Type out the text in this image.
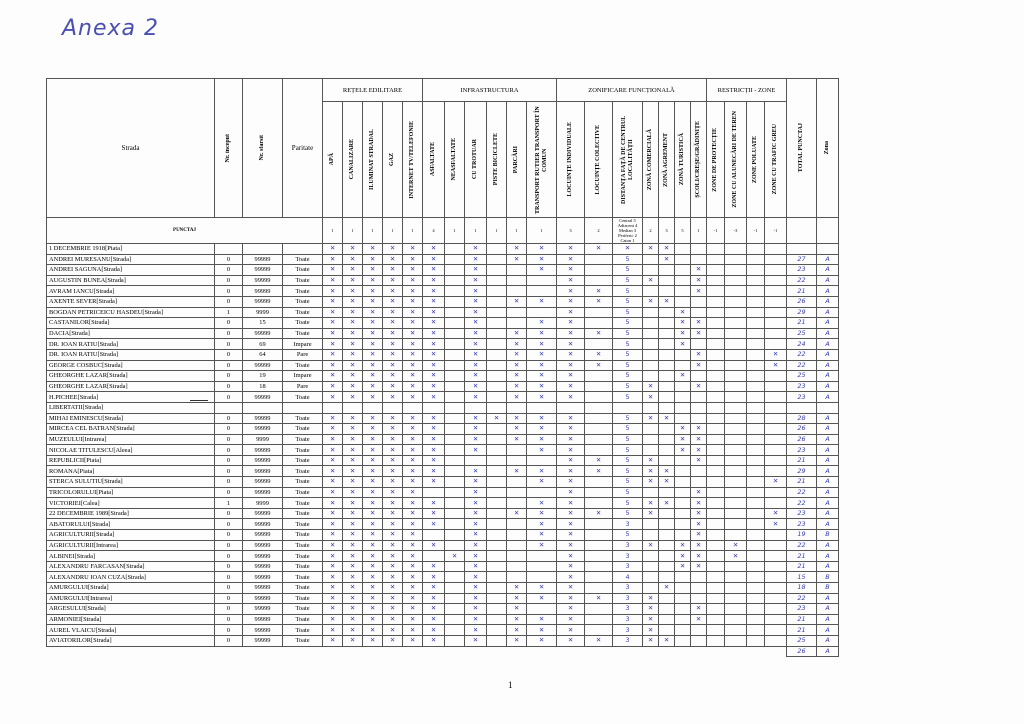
Anexa 2
Strada	Nr. început	Nr. sfarsit	Paritate	REȚELE EDILITARE					INFRASTRUCTURA						ZONIFICARE FUNCȚIONALĂ							RESTRICȚII - ZONE				TOTAL PUNCTAJ	Zona

				APĂ	CANALIZARE	ILUMINAT STRADAL	GAZ	INTERNET TV/TELEFONIE	ASFALTATE	NEASFALTATE	CU TROTUAR	PISTE BICICLETE	PARCĂRI	TRANSPORT RUTIER TRANSPORT ÎN COMUN	LOCUINȚE INDIVIDUALE	LOCUINȚE COLECTIVE	DISTANȚA FAȚĂ DE CENTRUL LOCALITĂȚII	ZONĂ COMERCIALĂ	ZONĂ AGREMENT	ZONĂ TURISTICĂ	ȘCOLI/CREȘE/GRĂDINIȚE	ZONE DE PROTECȚIE	ZONE CU ALUNECĂRI DE TEREN	ZONE POLUATE	ZONE CU TRAFIC GREU		

PUNCTAJ				1	1	1	1	1	4	1	1	1	1	1	3	2	Central 5 Adiacent 4 Median 3 Periferic 2 Caton 1	2	3	5	1	-1	-3	-1	-1		
1 DECEMBRIE 1918[Piata]				✕	✕	✕	✕	✕	✕		✕		✕	✕	✕	✕	✕	✕	✕								
ANDREI MURESANU[Strada]	0	99999	Toate	✕	✕	✕	✕	✕	✕		✕		✕	✕	✕		5		✕							27	A
ANDREI SAGUNA[Strada]	0	99999	Toate	✕	✕	✕	✕	✕	✕		✕			✕	✕		5				✕					23	A
AUGUSTIN BUNEA[Strada]	0	99999	Toate	✕	✕	✕	✕	✕	✕		✕				✕		5	✕			✕					22	A
AVRAM IANCU[Strada]	0	99999	Toate	✕	✕	✕	✕	✕	✕		✕				✕	✕	5				✕					21	A
AXENTE SEVER[Strada]	0	99999	Toate	✕	✕	✕	✕	✕	✕		✕		✕	✕	✕	✕	5	✕	✕							26	A
BOGDAN PETRICEICU HASDEU[Strada]	1	9999	Toate	✕	✕	✕	✕	✕	✕		✕				✕		5			✕						29	A
CASTANILOR[Strada]	0	15	Toate	✕	✕	✕	✕	✕	✕		✕			✕	✕		5			✕	✕					21	A
DACIA[Strada]	0	99999	Toate	✕	✕	✕	✕	✕	✕		✕		✕	✕	✕	✕	5			✕	✕					25	A
DR. IOAN RATIU[Strada]	0	69	Impare	✕	✕	✕	✕	✕	✕		✕		✕	✕	✕		5			✕						24	A
DR. IOAN RATIU[Strada]	0	64	Pare	✕	✕	✕	✕	✕	✕		✕		✕	✕	✕	✕	5				✕				✕	22	A
GEORGE COSBUC[Strada]	0	99999	Toate	✕	✕	✕	✕	✕	✕		✕		✕	✕	✕	✕	5				✕				✕	22	A
GHEORGHE LAZAR[Strada]	0	19	Impare	✕	✕	✕	✕	✕	✕		✕		✕	✕	✕		5			✕						25	A
GHEORGHE LAZAR[Strada]	0	18	Pare	✕	✕	✕	✕	✕	✕		✕		✕	✕	✕		5	✕			✕					23	A
H.PICHEE[Strada]	0	99999	Toate	✕	✕	✕	✕	✕	✕		✕		✕	✕	✕		5	✕								23	A
LIBERTATII[Strada]																											
MIHAI EMINESCU[Strada]	0	99999	Toate	✕	✕	✕	✕	✕	✕		✕	✕	✕	✕	✕		5	✕	✕							28	A
MIRCEA CEL BATRAN[Strada]	0	99999	Toate	✕	✕	✕	✕	✕	✕		✕		✕	✕	✕		5			✕	✕					26	A
MUZEULUI[Intrarea]	0	9999	Toate	✕	✕	✕	✕	✕	✕		✕		✕	✕	✕		5			✕	✕					26	A
NICOLAE TITULESCU[Aleea]	0	99999	Toate	✕	✕	✕	✕	✕	✕		✕			✕	✕		5			✕	✕					23	A
REPUBLICII[Piata]	0	99999	Toate	✕	✕	✕	✕	✕	✕						✕	✕	5	✕			✕					21	A
ROMANA[Piata]	0	99999	Toate	✕	✕	✕	✕	✕	✕		✕		✕	✕	✕	✕	5	✕	✕							29	A
STERCA SULUTIU[Strada]	0	99999	Toate	✕	✕	✕	✕	✕	✕		✕			✕	✕		5	✕	✕						✕	21	A
TRICOLORULUI[Piata]	0	99999	Toate	✕	✕	✕	✕	✕			✕				✕		5				✕					22	A
VICTORIEI[Calea]	1	9999	Toate	✕	✕	✕	✕	✕	✕		✕			✕	✕		5	✕	✕		✕					22	A
22 DECEMBRIE 1989[Strada]	0	99999	Toate	✕	✕	✕	✕	✕	✕		✕		✕	✕	✕	✕	5	✕			✕				✕	23	A
ABATORULUI[Strada]	0	99999	Toate	✕	✕	✕	✕	✕	✕		✕			✕	✕		3				✕				✕	23	A
AGRICULTURII[Strada]	0	99999	Toate	✕	✕	✕	✕	✕			✕			✕	✕		5				✕					19	B
AGRICULTURII[Intrarea]	0	99999	Toate	✕	✕	✕	✕	✕	✕		✕			✕	✕		3	✕		✕	✕		✕			22	A
ALBINEI[Strada]	0	99999	Toate	✕	✕	✕	✕	✕		✕	✕				✕		3			✕	✕		✕			21	A
ALEXANDRU FARCASAN[Strada]	0	99999	Toate	✕	✕	✕	✕	✕	✕		✕				✕		3			✕	✕					21	A
ALEXANDRU IOAN CUZA[Strada]	0	99999	Toate	✕	✕	✕	✕	✕	✕		✕				✕		4									15	B
AMURGULUI[Strada]	0	99999	Toate	✕	✕	✕	✕	✕	✕		✕		✕	✕	✕		3		✕							18	B
AMURGULUI[Intrarea]	0	99999	Toate	✕	✕	✕	✕	✕	✕		✕		✕	✕	✕	✕	3	✕								22	A
ARGESULUI[Strada]	0	99999	Toate	✕	✕	✕	✕	✕	✕		✕		✕		✕		3	✕			✕					23	A
ARMONIEI[Strada]	0	99999	Toate	✕	✕	✕	✕	✕	✕		✕		✕	✕	✕		3	✕			✕					21	A
AUREL VLAICU[Strada]	0	99999	Toate	✕	✕	✕	✕	✕	✕		✕		✕	✕	✕		3	✕								21	A
AVIATORILOR[Strada]	0	99999	Toate	✕	✕	✕	✕	✕	✕		✕		✕	✕	✕	✕	3	✕	✕							25	A
																										26	A
1
